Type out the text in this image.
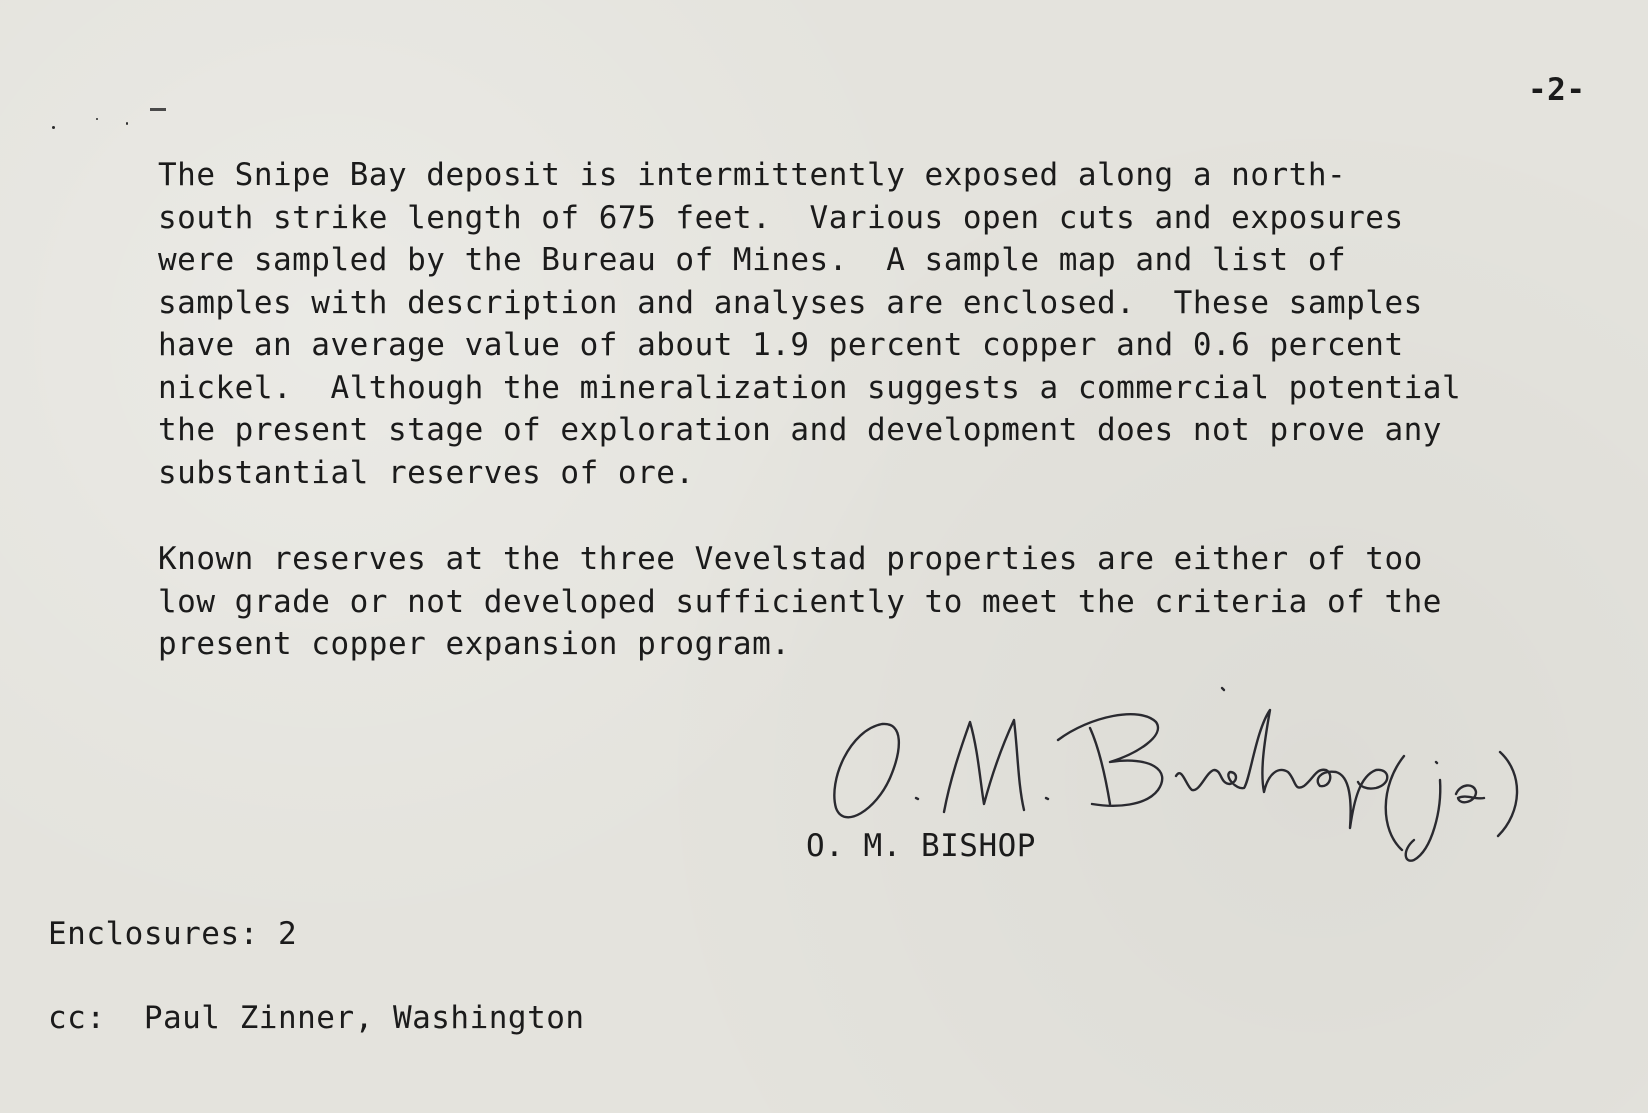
-2-

The Snipe Bay deposit is intermittently exposed along a north-
south strike length of 675 feet.  Various open cuts and exposures
were sampled by the Bureau of Mines.  A sample map and list of
samples with description and analyses are enclosed.  These samples
have an average value of about 1.9 percent copper and 0.6 percent
nickel.  Although the mineralization suggests a commercial potential
the present stage of exploration and development does not prove any
substantial reserves of ore.

Known reserves at the three Vevelstad properties are either of too
low grade or not developed sufficiently to meet the criteria of the
present copper expansion program.

O. M. BISHOP
Enclosures: 2
cc:  Paul Zinner, Washington
